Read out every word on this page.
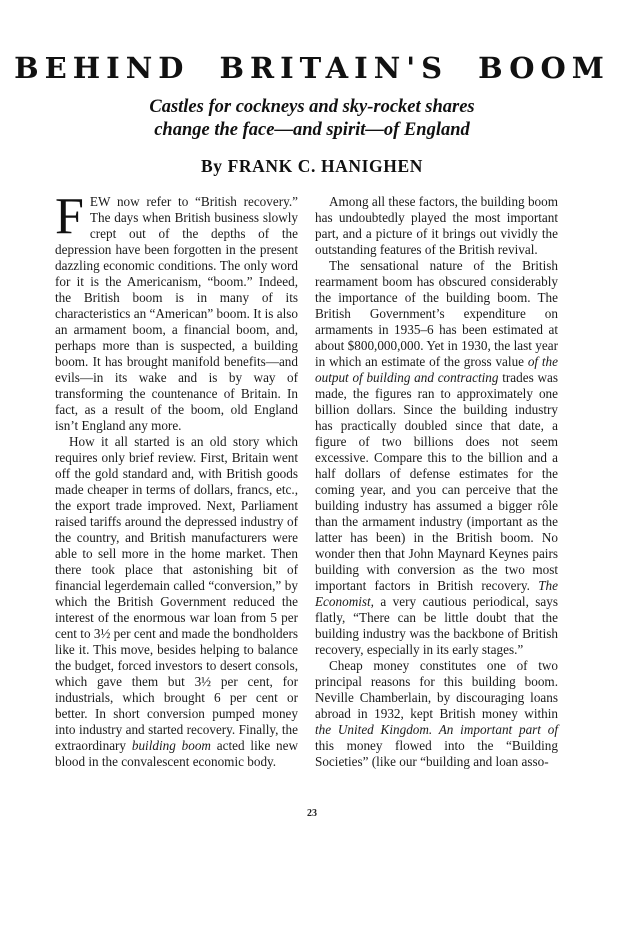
BEHIND BRITAIN'S BOOM
Castles for cockneys and sky-rocket shares
change the face—and spirit—of England
By FRANK C. HANIGHEN

FEW now refer to “British recovery.” The days when British business slowly crept out of the depths of the depression have been forgotten in the present dazzling economic conditions. The only word for it is the Americanism, “boom.” Indeed, the British boom is in many of its characteristics an “American” boom. It is also an armament boom, a financial boom, and, perhaps more than is suspected, a building boom. It has brought manifold benefits—and evils—in its wake and is by way of transforming the countenance of Britain. In fact, as a result of the boom, old England isn’t England any more.

How it all started is an old story which requires only brief review. First, Britain went off the gold standard and, with British goods made cheaper in terms of dollars, francs, etc., the export trade improved. Next, Parliament raised tariffs around the depressed industry of the country, and British manufacturers were able to sell more in the home market. Then there took place that astonishing bit of financial legerdemain called “conversion,” by which the British Government reduced the interest of the enormous war loan from 5 per cent to 3½ per cent and made the bondholders like it. This move, besides helping to balance the budget, forced investors to desert consols, which gave them but 3½ per cent, for industrials, which brought 6 per cent or better. In short conversion pumped money into industry and started recovery. Finally, the extraordinary building boom acted like new blood in the convalescent economic body.

Among all these factors, the building boom has undoubtedly played the most important part, and a picture of it brings out vividly the outstanding features of the British revival.

The sensational nature of the British rearmament boom has obscured considerably the importance of the building boom. The British Government’s expenditure on armaments in 1935–6 has been estimated at about $800,000,000. Yet in 1930, the last year in which an estimate of the gross value of the output of building and contracting trades was made, the figures ran to approximately one billion dollars. Since the building industry has practically doubled since that date, a figure of two billions does not seem excessive. Compare this to the billion and a half dollars of defense estimates for the coming year, and you can perceive that the building industry has assumed a bigger rôle than the armament industry (important as the latter has been) in the British boom. No wonder then that John Maynard Keynes pairs building with conversion as the two most important factors in British recovery. The Economist, a very cautious periodical, says flatly, “There can be little doubt that the building industry was the backbone of British recovery, especially in its early stages.”

Cheap money constitutes one of two principal reasons for this building boom. Neville Chamberlain, by discouraging loans abroad in 1932, kept British money within the United Kingdom. An important part of this money flowed into the “Building Societies” (like our “building and loan asso-

23
